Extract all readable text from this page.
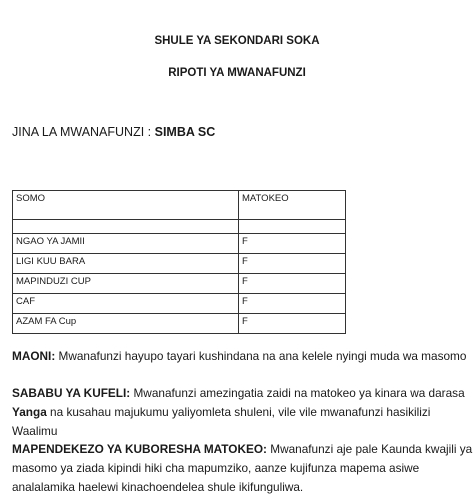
SHULE YA SEKONDARI SOKA
RIPOTI YA MWANAFUNZI
JINA LA MWANAFUNZI : SIMBA SC
SOMO	MATOKEO

NGAO YA JAMII	F
LIGI KUU BARA	F
MAPINDUZI CUP	F
CAF	F
AZAM FA Cup	F
MAONI: Mwanafunzi hayupo tayari kushindana na ana kelele nyingi muda wa masomo
SABABU YA KUFELI: Mwanafunzi amezingatia zaidi na matokeo ya kinara wa darasa Yanga na kusahau majukumu yaliyomleta shuleni, vile vile mwanafunzi hasikilizi Waalimu
MAPENDEKEZO YA KUBORESHA MATOKEO: Mwanafunzi aje pale Kaunda kwajili ya masomo ya ziada kipindi hiki cha mapumziko, aanze kujifunza mapema asiwe analalamika haelewi kinachoendelea shule ikifunguliwa.
